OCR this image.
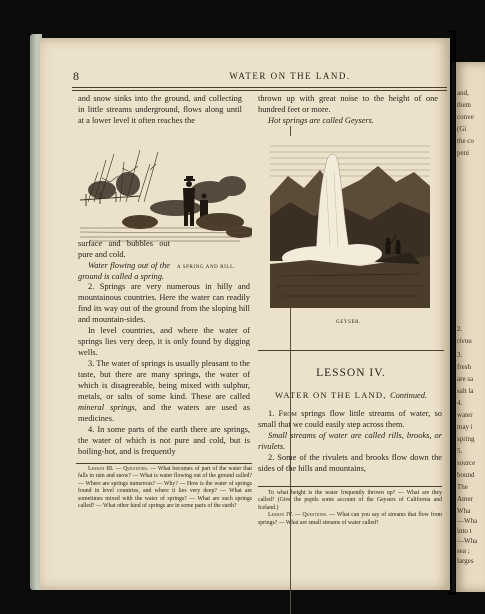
and,
them
conve
(Gi
the co
peni
2.
rivuu
3.
fresh
are sa
salt la
4.
water
may i
spring
5.
source
bound
The
Amer
Wha
—Wha
into t
—Wha
sea ;
larges
8	WATER ON THE LAND.

and snow sinks into the ground, and collecting in little streams underground, flows along until at a lower level it often reaches the

surface and bubbles out pure and cold.

Water flowing out of the ground is called a spring.

A SPRING AND RILL.

2. Springs are very numerous in hilly and mountainous countries. Here the water can readily find its way out of the ground from the sloping hill and mountain-sides.

In level countries, and where the water of springs lies very deep, it is only found by digging wells.

3. The water of springs is usually pleasant to the taste, but there are many springs, the water of which is disagreeable, being mixed with sulphur, metals, or salts of some kind. These are called mineral springs, and the waters are used as medicines.

4. In some parts of the earth there are springs, the water of which is not pure and cold, but is boiling-hot, and is frequently

Lesson III. — Questions. — What becomes of part of the water that falls in rain and snow? — What is water flowing out of the ground called? — Where are springs numerous? — Why? — How is the water of springs found in level countries, and where it lies very deep? — What are sometimes mixed with the water of springs? — What are such springs called? — What other kind of springs are in some parts of the earth?

thrown up with great noise to the height of one hundred feet or more.

Hot springs are called Geysers.

GEYSER.
LESSON IV.
WATER ON THE LAND, Continued.

1. From springs flow little streams of water, so small that we could easily step across them.

Small streams of water are called rills, brooks, or rivulets.

2. Some of the rivulets and brooks flow down the sides of the hills and mountains,

To what height is the water frequently thrown up? — What are they called? (Give the pupils some account of the Geysers of California and Iceland.)

Lesson IV. — Questions. — What can you say of streams that flow from springs? — What are small streams of water called?
